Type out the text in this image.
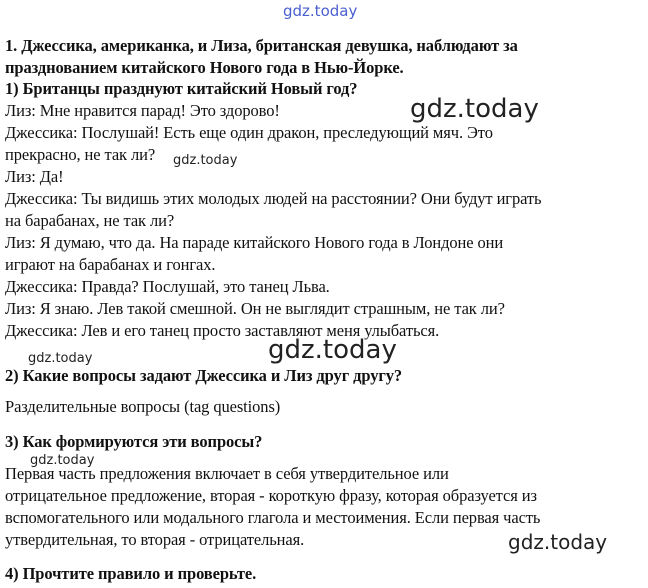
gdz.today
1. Джессика, американка, и Лиза, британская девушка, наблюдают за
празднованием китайского Нового года в Нью-Йорке.
1) Британцы празднуют китайский Новый год?
Лиз: Мне нравится парад! Это здорово!
Джессика: Послушай! Есть еще один дракон, преследующий мяч. Это
прекрасно, не так ли?
Лиз: Да!
Джессика: Ты видишь этих молодых людей на расстоянии? Они будут играть
на барабанах, не так ли?
Лиз: Я думаю, что да. На параде китайского Нового года в Лондоне они
играют на барабанах и гонгах.
Джессика: Правда? Послушай, это танец Льва.
Лиз: Я знаю. Лев такой смешной. Он не выглядит страшным, не так ли?
Джессика: Лев и его танец просто заставляют меня улыбаться.
2) Какие вопросы задают Джессика и Лиз друг другу?
Разделительные вопросы (tag questions)
3) Как формируются эти вопросы?
Первая часть предложения включает в себя утвердительное или
отрицательное предложение, вторая - короткую фразу, которая образуется из
вспомогательного или модального глагола и местоимения. Если первая часть
утвердительная, то вторая - отрицательная.
4) Прочтите правило и проверьте.
gdz.today
gdz.today
gdz.today
gdz.today
gdz.today
gdz.today
